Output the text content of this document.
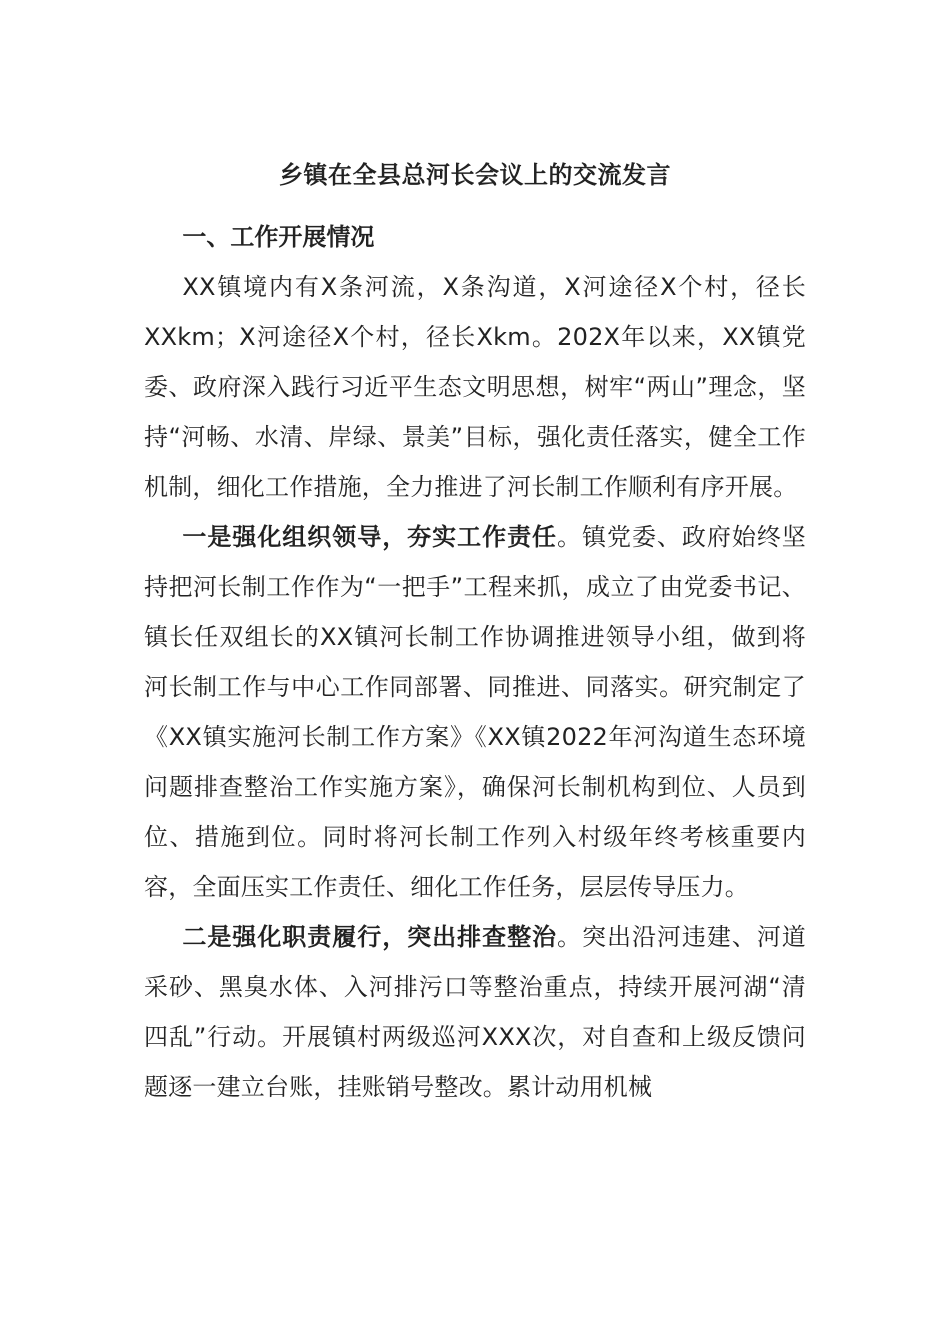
乡镇在全县总河长会议上的交流发言

一、工作开展情况

XX镇境内有X条河流，X条沟道，X河途径X个村，径长XXkm；X河途径X个村，径长Xkm。202X年以来，XX镇党委、政府深入践行习近平生态文明思想，树牢“两山”理念，坚持“河畅、水清、岸绿、景美”目标，强化责任落实，健全工作机制，细化工作措施，全力推进了河长制工作顺利有序开展。

一是强化组织领导，夯实工作责任。镇党委、政府始终坚持把河长制工作作为“一把手”工程来抓，成立了由党委书记、镇长任双组长的XX镇河长制工作协调推进领导小组，做到将河长制工作与中心工作同部署、同推进、同落实。研究制定了《XX镇实施河长制工作方案》《XX镇2022年河沟道生态环境问题排查整治工作实施方案》，确保河长制机构到位、人员到位、措施到位。同时将河长制工作列入村级年终考核重要内容，全面压实工作责任、细化工作任务，层层传导压力。

二是强化职责履行，突出排查整治。突出沿河违建、河道采砂、黑臭水体、入河排污口等整治重点，持续开展河湖“清四乱”行动。开展镇村两级巡河XXX次，对自查和上级反馈问题逐一建立台账，挂账销号整改。累计动用机械
